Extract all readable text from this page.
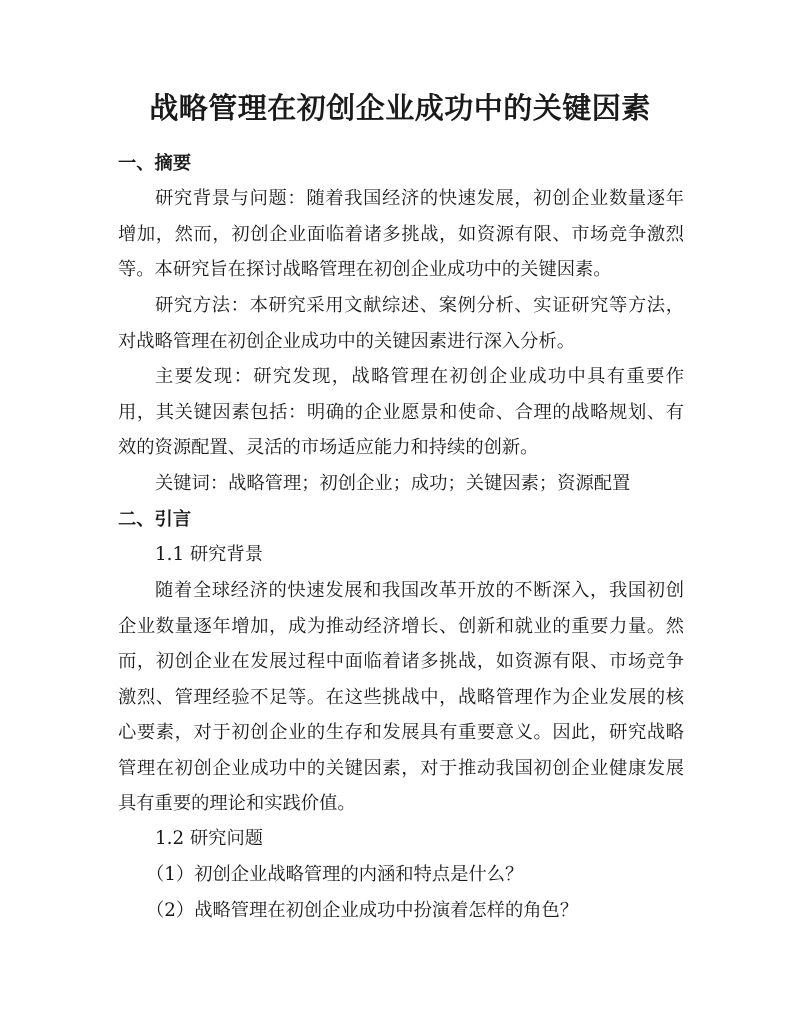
战略管理在初创企业成功中的关键因素

一、摘要

研究背景与问题：随着我国经济的快速发展，初创企业数量逐年增加，然而，初创企业面临着诸多挑战，如资源有限、市场竞争激烈等。本研究旨在探讨战略管理在初创企业成功中的关键因素。

研究方法：本研究采用文献综述、案例分析、实证研究等方法，对战略管理在初创企业成功中的关键因素进行深入分析。

主要发现：研究发现，战略管理在初创企业成功中具有重要作用，其关键因素包括：明确的企业愿景和使命、合理的战略规划、有效的资源配置、灵活的市场适应能力和持续的创新。

关键词：战略管理；初创企业；成功；关键因素；资源配置

二、引言

1.1 研究背景

随着全球经济的快速发展和我国改革开放的不断深入，我国初创企业数量逐年增加，成为推动经济增长、创新和就业的重要力量。然而，初创企业在发展过程中面临着诸多挑战，如资源有限、市场竞争激烈、管理经验不足等。在这些挑战中，战略管理作为企业发展的核心要素，对于初创企业的生存和发展具有重要意义。因此，研究战略管理在初创企业成功中的关键因素，对于推动我国初创企业健康发展具有重要的理论和实践价值。

1.2 研究问题

（1）初创企业战略管理的内涵和特点是什么？

（2）战略管理在初创企业成功中扮演着怎样的角色？
